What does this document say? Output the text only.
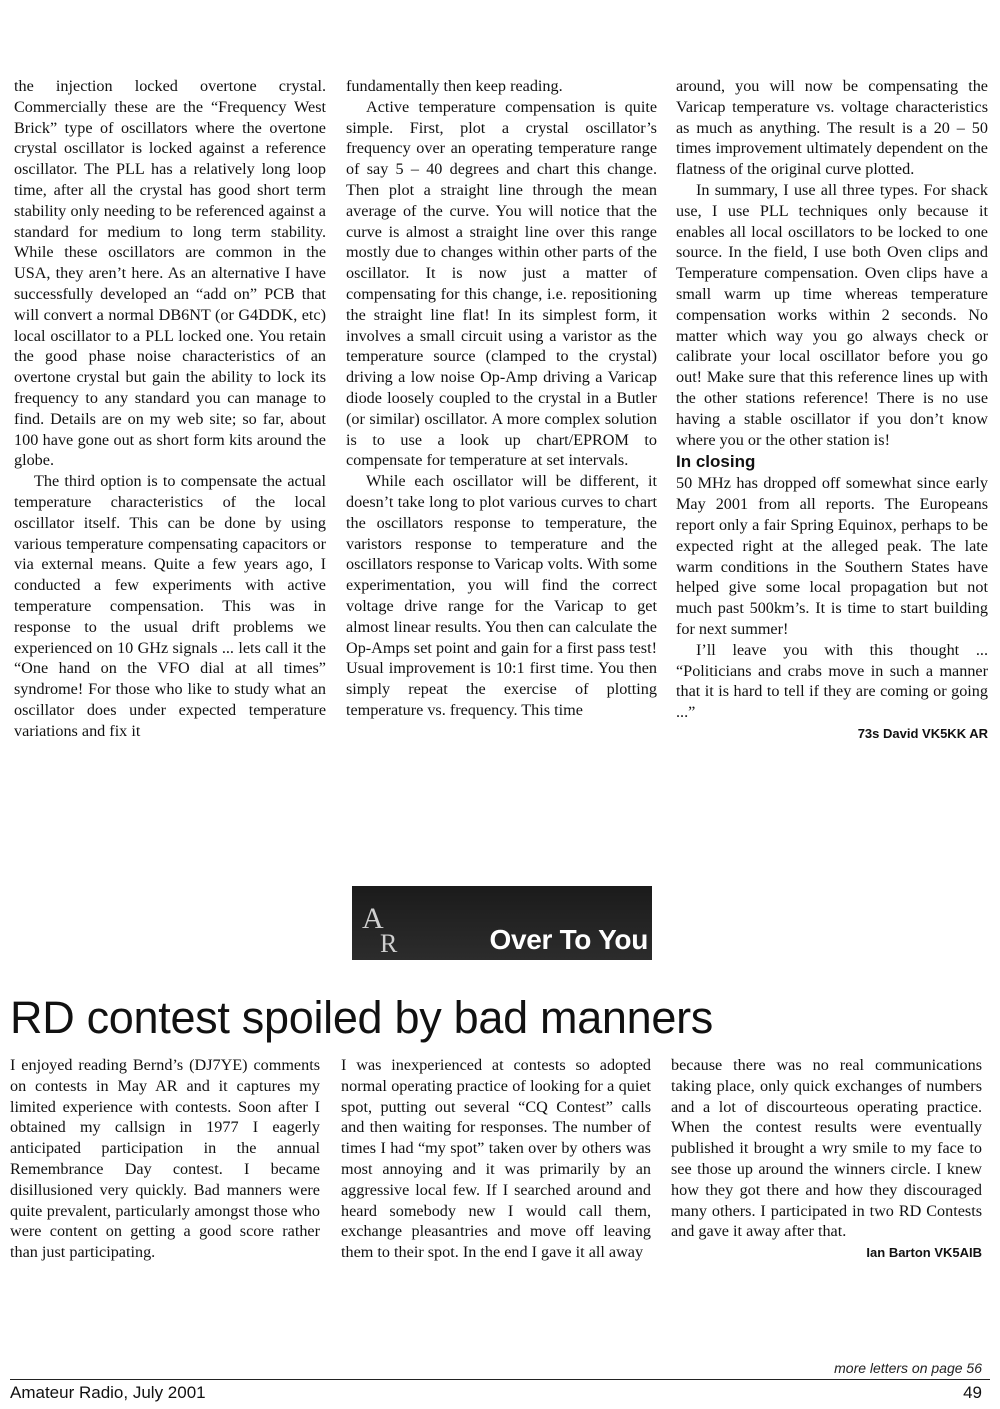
the injection locked overtone crystal. Commercially these are the “Frequency West Brick” type of oscillators where the overtone crystal oscillator is locked against a reference oscillator. The PLL has a relatively long loop time, after all the crystal has good short term stability only needing to be referenced against a standard for medium to long term stability. While these oscillators are common in the USA, they aren’t here. As an alternative I have successfully developed an “add on” PCB that will convert a normal DB6NT (or G4DDK, etc) local oscillator to a PLL locked one. You retain the good phase noise characteristics of an overtone crystal but gain the ability to lock its frequency to any standard you can manage to find. Details are on my web site; so far, about 100 have gone out as short form kits around the globe.

The third option is to compensate the actual temperature characteristics of the local oscillator itself. This can be done by using various temperature compensating capacitors or via external means. Quite a few years ago, I conducted a few experiments with active temperature compensation. This was in response to the usual drift problems we experienced on 10 GHz signals ... lets call it the “One hand on the VFO dial at all times” syndrome! For those who like to study what an oscillator does under expected temperature variations and fix it

fundamentally then keep reading.

Active temperature compensation is quite simple. First, plot a crystal oscillator’s frequency over an operating temperature range of say 5 – 40 degrees and chart this change. Then plot a straight line through the mean average of the curve. You will notice that the curve is almost a straight line over this range mostly due to changes within other parts of the oscillator. It is now just a matter of compensating for this change, i.e. repositioning the straight line flat! In its simplest form, it involves a small circuit using a varistor as the temperature source (clamped to the crystal) driving a low noise Op-Amp driving a Varicap diode loosely coupled to the crystal in a Butler (or similar) oscillator. A more complex solution is to use a look up chart/EPROM to compensate for temperature at set intervals.

While each oscillator will be different, it doesn’t take long to plot various curves to chart the oscillators response to temperature, the varistors response to temperature and the oscillators response to Varicap volts. With some experimentation, you will find the correct voltage drive range for the Varicap to get almost linear results. You then can calculate the Op-Amps set point and gain for a first pass test! Usual improvement is 10:1 first time. You then simply repeat the exercise of plotting temperature vs. frequency. This time

around, you will now be compensating the Varicap temperature vs. voltage characteristics as much as anything. The result is a 20 – 50 times improvement ultimately dependent on the flatness of the original curve plotted.

In summary, I use all three types. For shack use, I use PLL techniques only because it enables all local oscillators to be locked to one source. In the field, I use both Oven clips and Temperature compensation. Oven clips have a small warm up time whereas temperature compensation works within 2 seconds. No matter which way you go always check or calibrate your local oscillator before you go out! Make sure that this reference lines up with the other stations reference! There is no use having a stable oscillator if you don’t know where you or the other station is!

In closing

50 MHz has dropped off somewhat since early May 2001 from all reports. The Europeans report only a fair Spring Equinox, perhaps to be expected right at the alleged peak. The late warm conditions in the Southern States have helped give some local propagation but not much past 500km’s. It is time to start building for next summer!

I’ll leave you with this thought ... “Politicians and crabs move in such a manner that it is hard to tell if they are coming or going ...”

73s David VK5KK AR
A
R	Over To You
RD contest spoiled by bad manners

I enjoyed reading Bernd’s (DJ7YE) comments on contests in May AR and it captures my limited experience with contests. Soon after I obtained my callsign in 1977 I eagerly anticipated participation in the annual Remembrance Day contest. I became disillusioned very quickly. Bad manners were quite prevalent, particularly amongst those who were content on getting a good score rather than just participating.

I was inexperienced at contests so adopted normal operating practice of looking for a quiet spot, putting out several “CQ Contest” calls and then waiting for responses. The number of times I had “my spot” taken over by others was most annoying and it was primarily by an aggressive local few. If I searched around and heard somebody new I would call them, exchange pleasantries and move off leaving them to their spot. In the end I gave it all away

because there was no real communications taking place, only quick exchanges of numbers and a lot of discourteous operating practice. When the contest results were eventually published it brought a wry smile to my face to see those up around the winners circle. I knew how they got there and how they discouraged many others. I participated in two RD Contests and gave it away after that.

Ian Barton VK5AIB
more letters on page 56
Amateur Radio, July 2001	49
